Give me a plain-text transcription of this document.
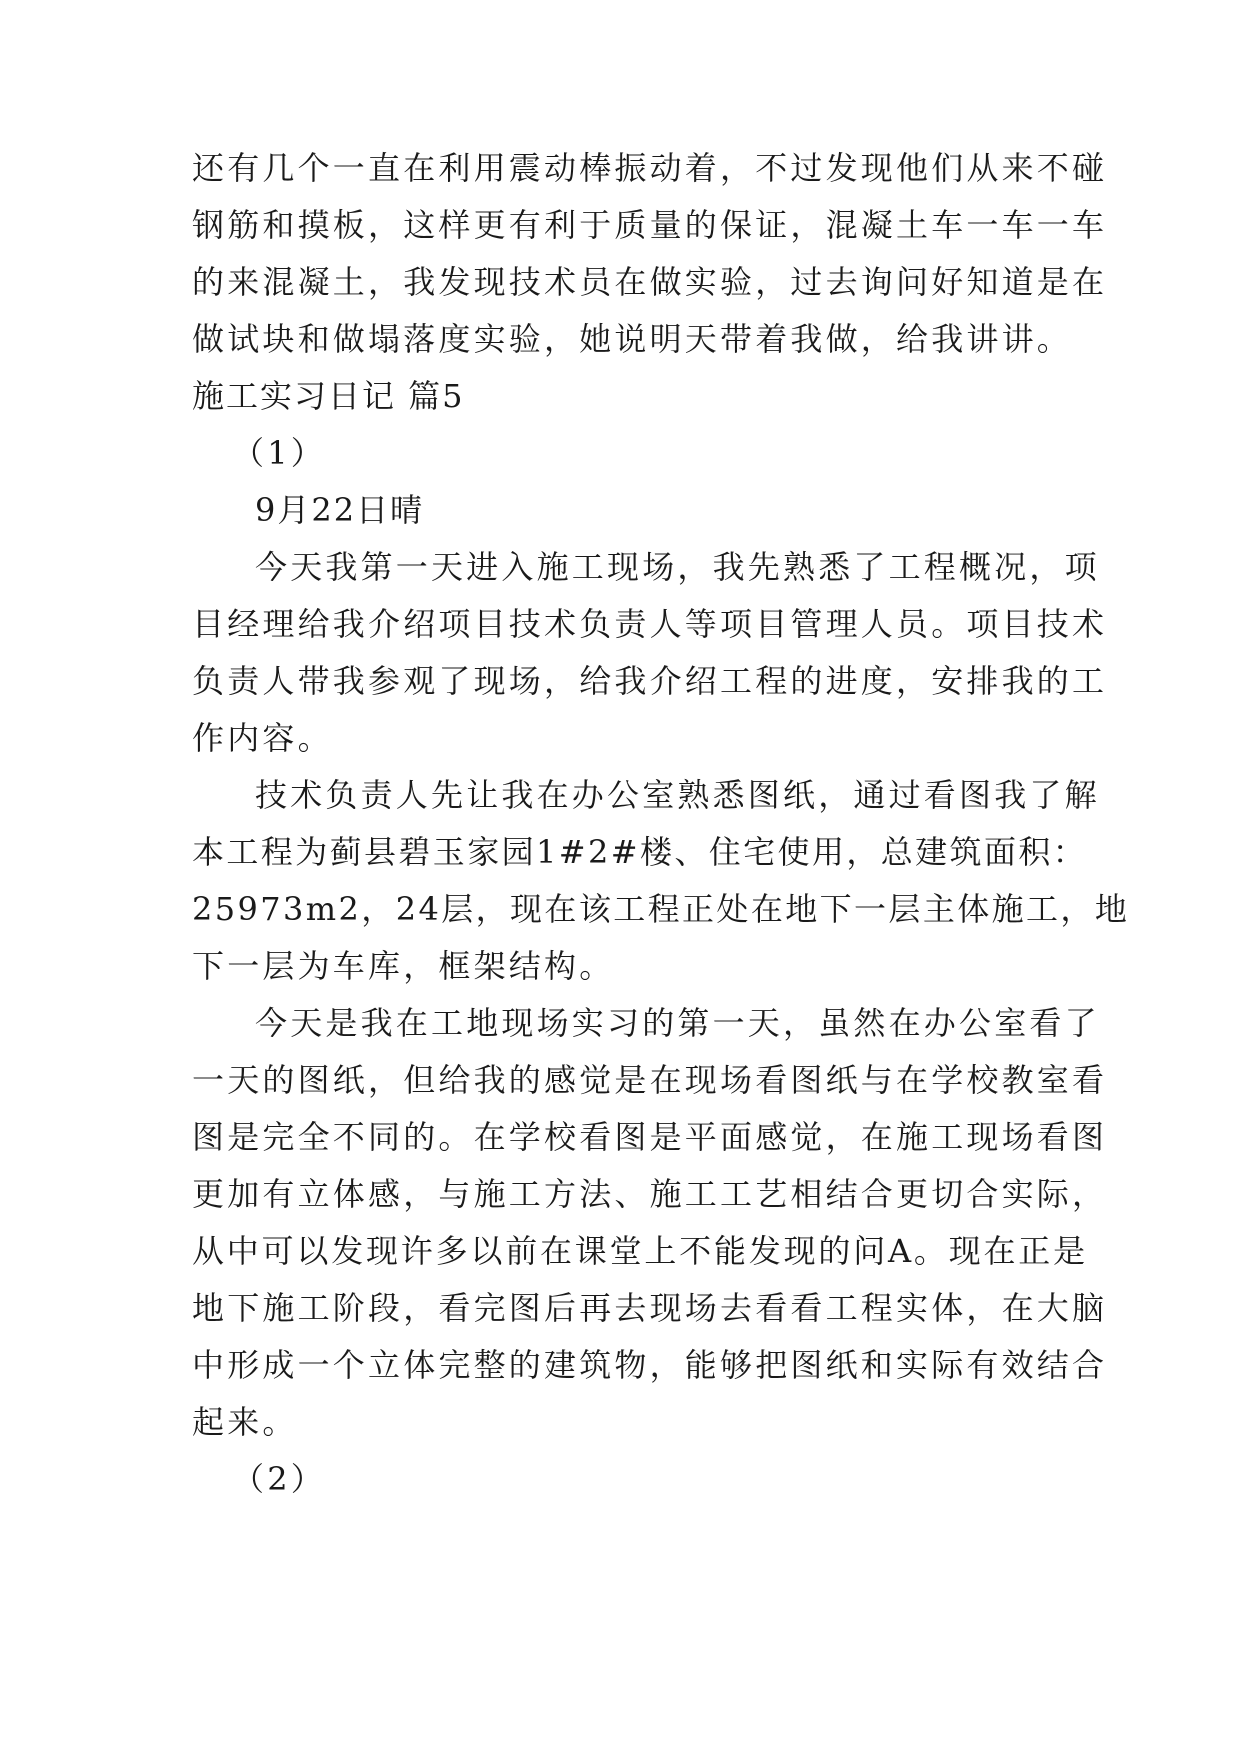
还有几个一直在利用震动棒振动着，不过发现他们从来不碰
钢筋和摸板，这样更有利于质量的保证，混凝土车一车一车
的来混凝土，我发现技术员在做实验，过去询问好知道是在
做试块和做塌落度实验，她说明天带着我做，给我讲讲。
施工实习日记 篇5
（1）
9月22日晴
今天我第一天进入施工现场，我先熟悉了工程概况，项
目经理给我介绍项目技术负责人等项目管理人员。项目技术
负责人带我参观了现场，给我介绍工程的进度，安排我的工
作内容。
技术负责人先让我在办公室熟悉图纸，通过看图我了解
本工程为蓟县碧玉家园1#2#楼、住宅使用，总建筑面积：
25973m2，24层，现在该工程正处在地下一层主体施工，地
下一层为车库，框架结构。
今天是我在工地现场实习的第一天，虽然在办公室看了
一天的图纸，但给我的感觉是在现场看图纸与在学校教室看
图是完全不同的。在学校看图是平面感觉，在施工现场看图
更加有立体感，与施工方法、施工工艺相结合更切合实际，
从中可以发现许多以前在课堂上不能发现的问A。现在正是
地下施工阶段，看完图后再去现场去看看工程实体，在大脑
中形成一个立体完整的建筑物，能够把图纸和实际有效结合
起来。
（2）
